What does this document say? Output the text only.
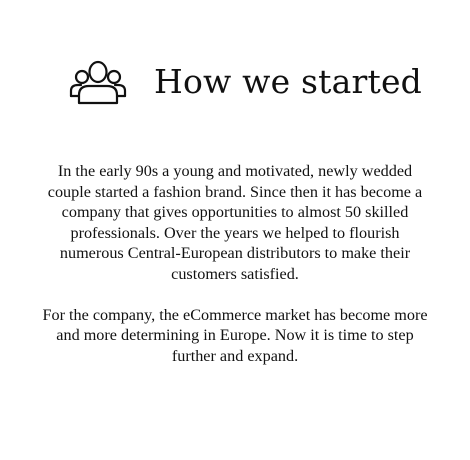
How we started

In the early 90s a young and motivated, newly wedded couple started a fashion brand. Since then it has become a company that gives opportunities to almost 50 skilled professionals. Over the years we helped to flourish numerous Central-European distributors to make their customers satisfied.

For the company, the eCommerce market has become more and more determining in Europe. Now it is time to step further and expand.
